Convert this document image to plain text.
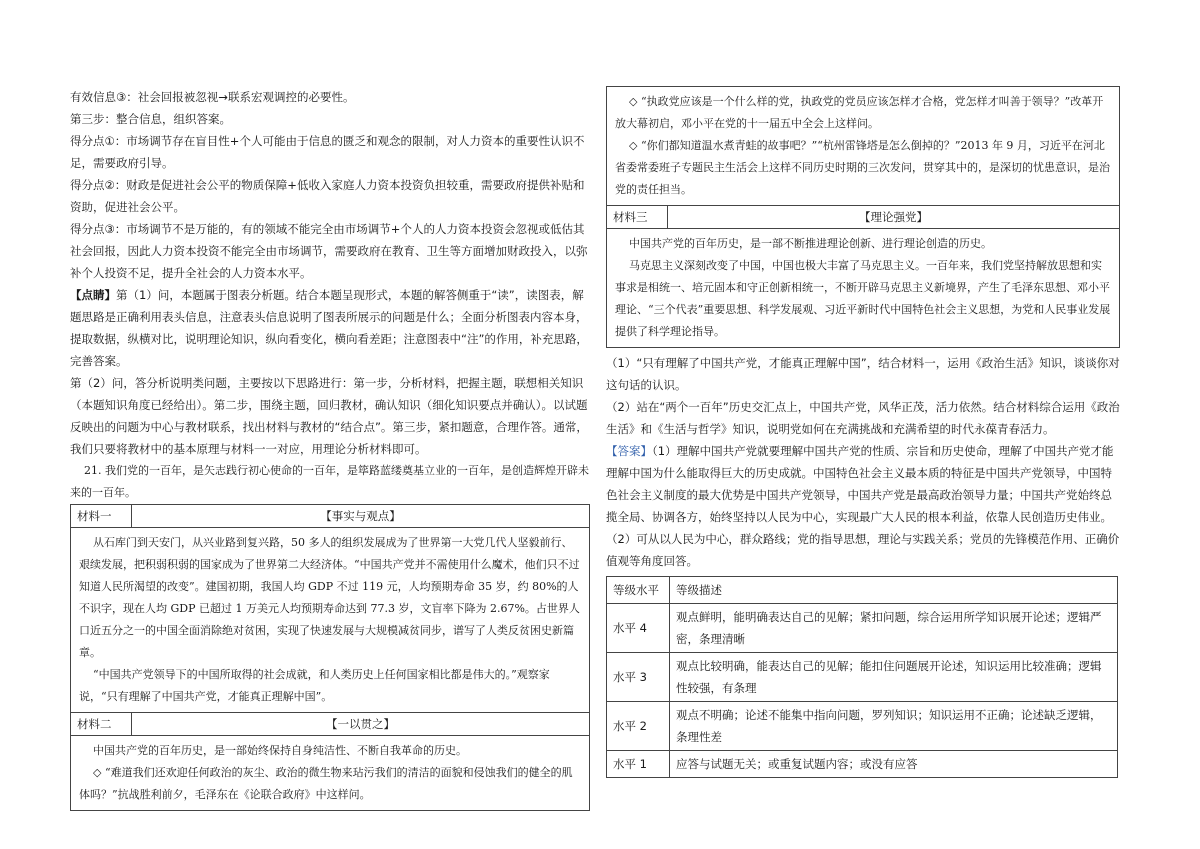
有效信息③：社会回报被忽视→联系宏观调控的必要性。

第三步：整合信息，组织答案。

得分点①：市场调节存在盲目性+个人可能由于信息的匮乏和观念的限制，对人力资本的重要性认识不足，需要政府引导。

得分点②：财政是促进社会公平的物质保障+低收入家庭人力资本投资负担较重，需要政府提供补贴和资助，促进社会公平。

得分点③：市场调节不是万能的，有的领域不能完全由市场调节+个人的人力资本投资会忽视或低估其社会回报，因此人力资本投资不能完全由市场调节，需要政府在教育、卫生等方面增加财政投入，以弥补个人投资不足，提升全社会的人力资本水平。

【点睛】第（1）问，本题属于图表分析题。结合本题呈现形式，本题的解答侧重于“读”，读图表，解题思路是正确利用表头信息，注意表头信息说明了图表所展示的问题是什么；全面分析图表内容本身，提取数据，纵横对比，说明理论知识，纵向看变化，横向看差距；注意图表中“注”的作用，补充思路，完善答案。

第（2）问，答分析说明类问题，主要按以下思路进行：第一步，分析材料，把握主题，联想相关知识（本题知识角度已经给出）。第二步，围绕主题，回归教材，确认知识（细化知识要点并确认）。以试题反映出的问题为中心与教材联系，找出材料与教材的“结合点”。第三步，紧扣题意，合理作答。通常，我们只要将教材中的基本原理与材料一一对应，用理论分析材料即可。

21. 我们党的一百年，是矢志践行初心使命的一百年，是筚路蓝缕奠基立业的一百年，是创造辉煌开辟未来的一百年。

材料一	【事实与观点】

从石库门到天安门，从兴业路到复兴路，50 多人的组织发展成为了世界第一大党几代人坚毅前行、艰续发展，把积弱积弱的国家成为了世界第二大经济体。“中国共产党并不需使用什么魔术，他们只不过知道人民所渴望的改变”。建国初期，我国人均 GDP 不过 119 元，人均预期寿命 35 岁，约 80%的人不识字，现在人均 GDP 已超过 1 万美元人均预期寿命达到 77.3 岁，文盲率下降为 2.67%。占世界人口近五分之一的中国全面消除绝对贫困，实现了快速发展与大规模减贫同步，谱写了人类反贫困史新篇章。

“中国共产党领导下的中国所取得的社会成就，和人类历史上任何国家相比都是伟大的。”观察家说，“只有理解了中国共产党，才能真正理解中国”。	

材料二	【一以贯之】

中国共产党的百年历史，是一部始终保持自身纯洁性、不断自我革命的历史。

◇ “难道我们还欢迎任何政治的灰尘、政治的微生物来玷污我们的清洁的面貌和侵蚀我们的健全的肌体吗？”抗战胜利前夕，毛泽东在《论联合政府》中这样问。	

◇ “执政党应该是一个什么样的党，执政党的党员应该怎样才合格，党怎样才叫善于领导？”改革开放大幕初启，邓小平在党的十一届五中全会上这样问。

◇ “你们都知道温水煮青蛙的故事吧？”“杭州雷锋塔是怎么倒掉的？”2013 年 9 月，习近平在河北省委常委班子专题民主生活会上这样不同历史时期的三次发问，贯穿其中的，是深切的忧患意识，是治党的责任担当。

材料三	【理论强党】

中国共产党的百年历史，是一部不断推进理论创新、进行理论创造的历史。

马克思主义深刻改变了中国，中国也极大丰富了马克思主义。一百年来，我们党坚持解放思想和实事求是相统一、培元固本和守正创新相统一，不断开辟马克思主义新境界，产生了毛泽东思想、邓小平理论、“三个代表”重要思想、科学发展观、习近平新时代中国特色社会主义思想，为党和人民事业发展提供了科学理论指导。

（1）“只有理解了中国共产党，才能真正理解中国”，结合材料一，运用《政治生活》知识，谈谈你对这句话的认识。

（2）站在“两个一百年”历史交汇点上，中国共产党，风华正茂，活力依然。结合材料综合运用《政治生活》和《生活与哲学》知识，说明党如何在充满挑战和充满希望的时代永葆青春活力。

【答案】（1）理解中国共产党就要理解中国共产党的性质、宗旨和历史使命，理解了中国共产党才能理解中国为什么能取得巨大的历史成就。中国特色社会主义最本质的特征是中国共产党领导，中国特色社会主义制度的最大优势是中国共产党领导，中国共产党是最高政治领导力量；中国共产党始终总揽全局、协调各方，始终坚持以人民为中心，实现最广大人民的根本利益，依靠人民创造历史伟业。

（2）可从以人民为中心，群众路线；党的指导思想，理论与实践关系；党员的先锋模范作用、正确价值观等角度回答。

等级水平	等级描述
水平 4	观点鲜明，能明确表达自己的见解；紧扣问题，综合运用所学知识展开论述；逻辑严密，条理清晰
水平 3	观点比较明确，能表达自己的见解；能扣住问题展开论述，知识运用比较准确；逻辑性较强，有条理
水平 2	观点不明确；论述不能集中指向问题，罗列知识；知识运用不正确；论述缺乏逻辑，条理性差
水平 1	应答与试题无关；或重复试题内容；或没有应答
